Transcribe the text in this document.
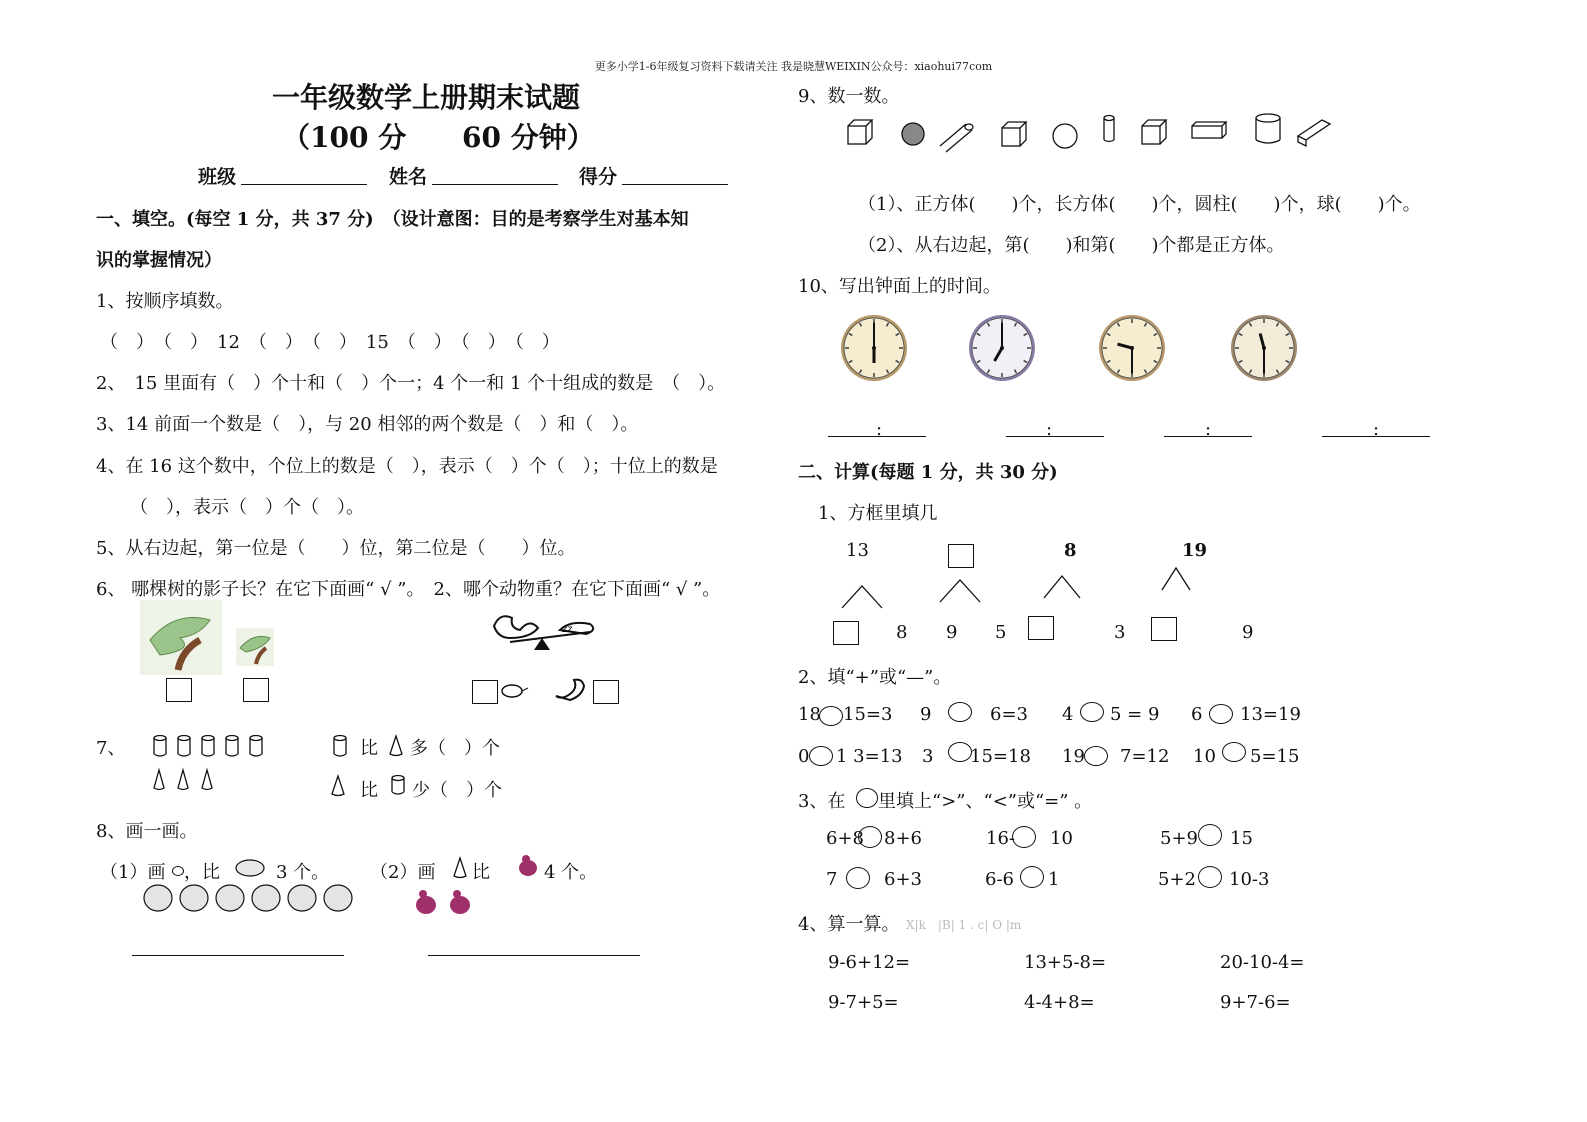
更多小学1-6年级复习资料下载请关注 我是晓慧WEIXIN公众号：xiaohui77com
一年级数学上册期末试题
（100 分 60 分钟）
班级	姓名	得分
一、填空。(每空 1 分，共 37 分)　（设计意图：目的是考察学生对基本知
识的掌握情况）
1、按顺序填数。
（　）　（　）　12　（　）　（　）　15　（　）　（　）　（　）
2、　15 里面有（　）个十和（　）个一；4 个一和 1 个十组成的数是　（　）。
3、14 前面一个数是（　），与 20 相邻的两个数是（　）和（　）。
4、在 16 这个数中，个位上的数是（　），表示（　）个（　）；十位上的数是
（　），表示（　）个（　）。
5、从右边起，第一位是（　　）位，第二位是（　　）位。
6、 哪棵树的影子长？在它下面画“ √ ”。　2、哪个动物重？在它下面画“ √ ”。
zz
7、	比 多（　）个
比 少（　）个
8、画一画。
（1）画 ，比	3 个。 （2）画 比	4 个。
9、数一数。
（1）、正方体(　　)个，长方体(　　)个，圆柱(　　)个，球(　　)个。
（2）、从右边起，第(　　)和第(　　)个都是正方体。
10、写出钟面上的时间。
:	:	:	:
二、计算(每题 1 分，共 30 分)
1、方框里填几
13	8	19
8 9 5	3	9
2、填“+”或“—”。
18 15=3 9	6=3 4 5 = 9 6 13=19
0 1 3=13 3 15=18 19 7=12 10 5=15
3、在 里填上“>”、“<”或“=” 。
6+8 8+6	16- 10	5+9 15
7	6+3	6-6 1	5+2 10-3
4、算一算。 X|k　|B| 1 . c| O |m
9-6+12=	13+5-8=	20-10-4=
9-7+5=	4-4+8=	9+7-6=
